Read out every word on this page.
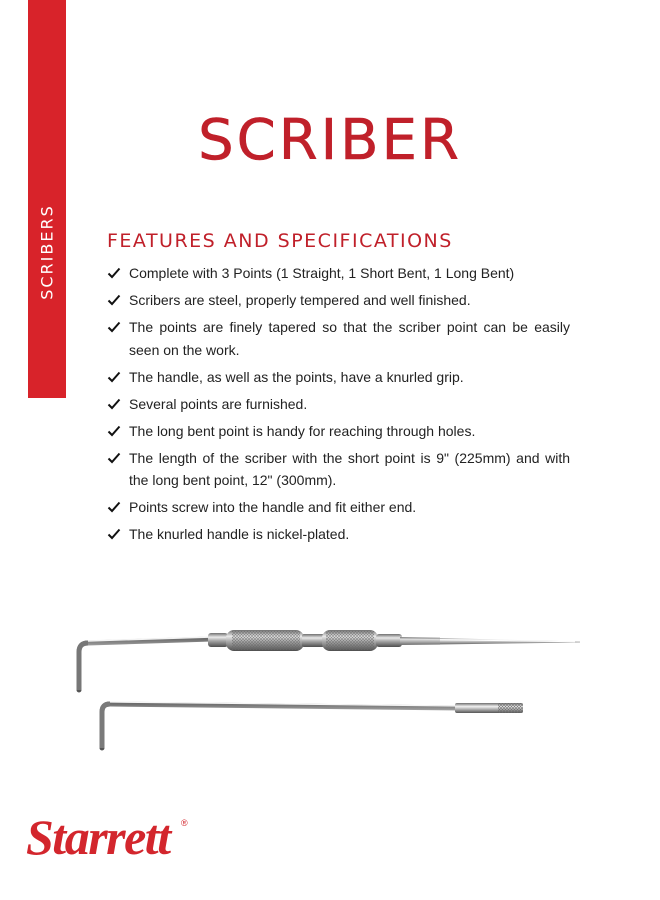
SCRIBERS
SCRIBER
FEATURES AND SPECIFICATIONS
Complete with 3 Points (1 Straight, 1 Short Bent, 1 Long Bent)
Scribers are steel, properly tempered and well finished.
The points are finely tapered so that the scriber point can be easily seen on the work.
The handle, as well as the points, have a knurled grip.
Several points are furnished.
The long bent point is handy for reaching through holes.
The length of the scriber with the short point is 9" (225mm) and with the long bent point, 12" (300mm).
Points screw into the handle and fit either end.
The knurled handle is nickel-plated.
Starrett ®
